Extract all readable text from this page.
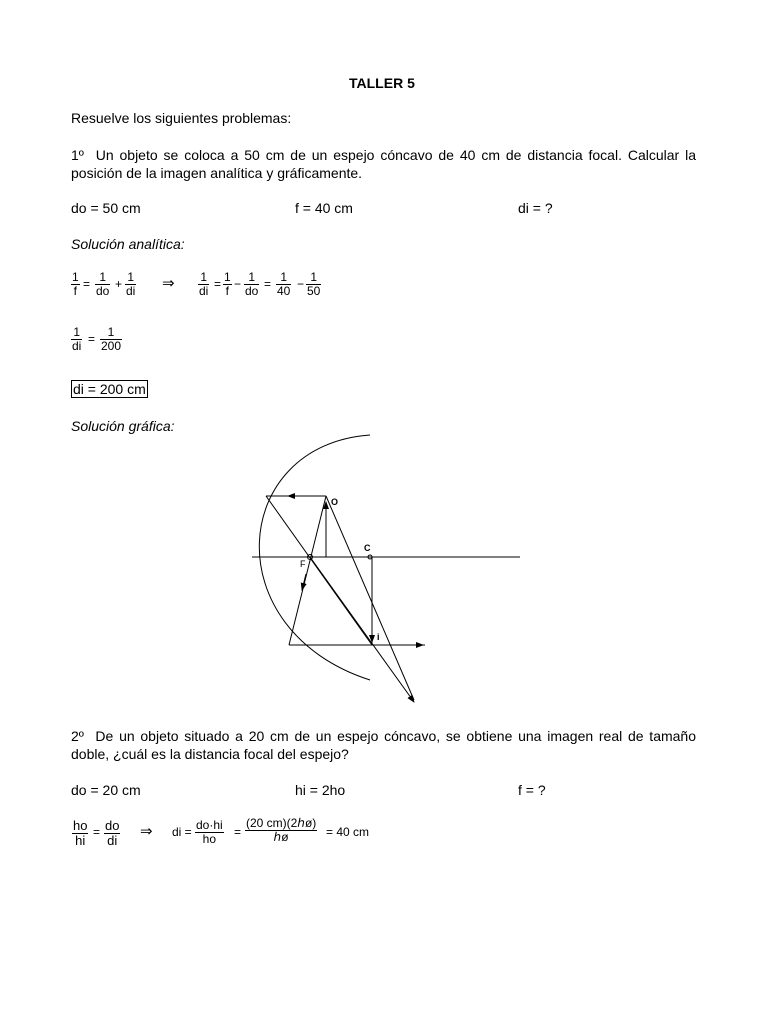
TALLER 5
Resuelve los siguientes problemas:
1º Un objeto se coloca a 50 cm de un espejo cóncavo de 40 cm de distancia focal. Calcular la posición de la imagen analítica y gráficamente.
do = 50 cm	f = 40 cm	di = ?
Solución analítica:
$\frac{1}{f} = \frac{1}{do} + \frac{1}{di}$ ⇒ $\frac{1}{di} = \frac{1}{f} - \frac{1}{do} = \frac{1}{40} - \frac{1}{50}$
$\frac{1}{di} = \frac{1}{200}$
di = 200 cm
Solución gráfica:
O
C
F
i
2º De un objeto situado a 20 cm de un espejo cóncavo, se obtiene una imagen real de tamaño doble, ¿cuál es la distancia focal del espejo?
do = 20 cm	hi = 2ho	f = ?
$\frac{ho}{hi} = \frac{do}{di}$ ⇒ di = $\frac{do\cdot hi}{ho}$ =
(20 cm)(2ℎø)
ℎø	= 40 cm
